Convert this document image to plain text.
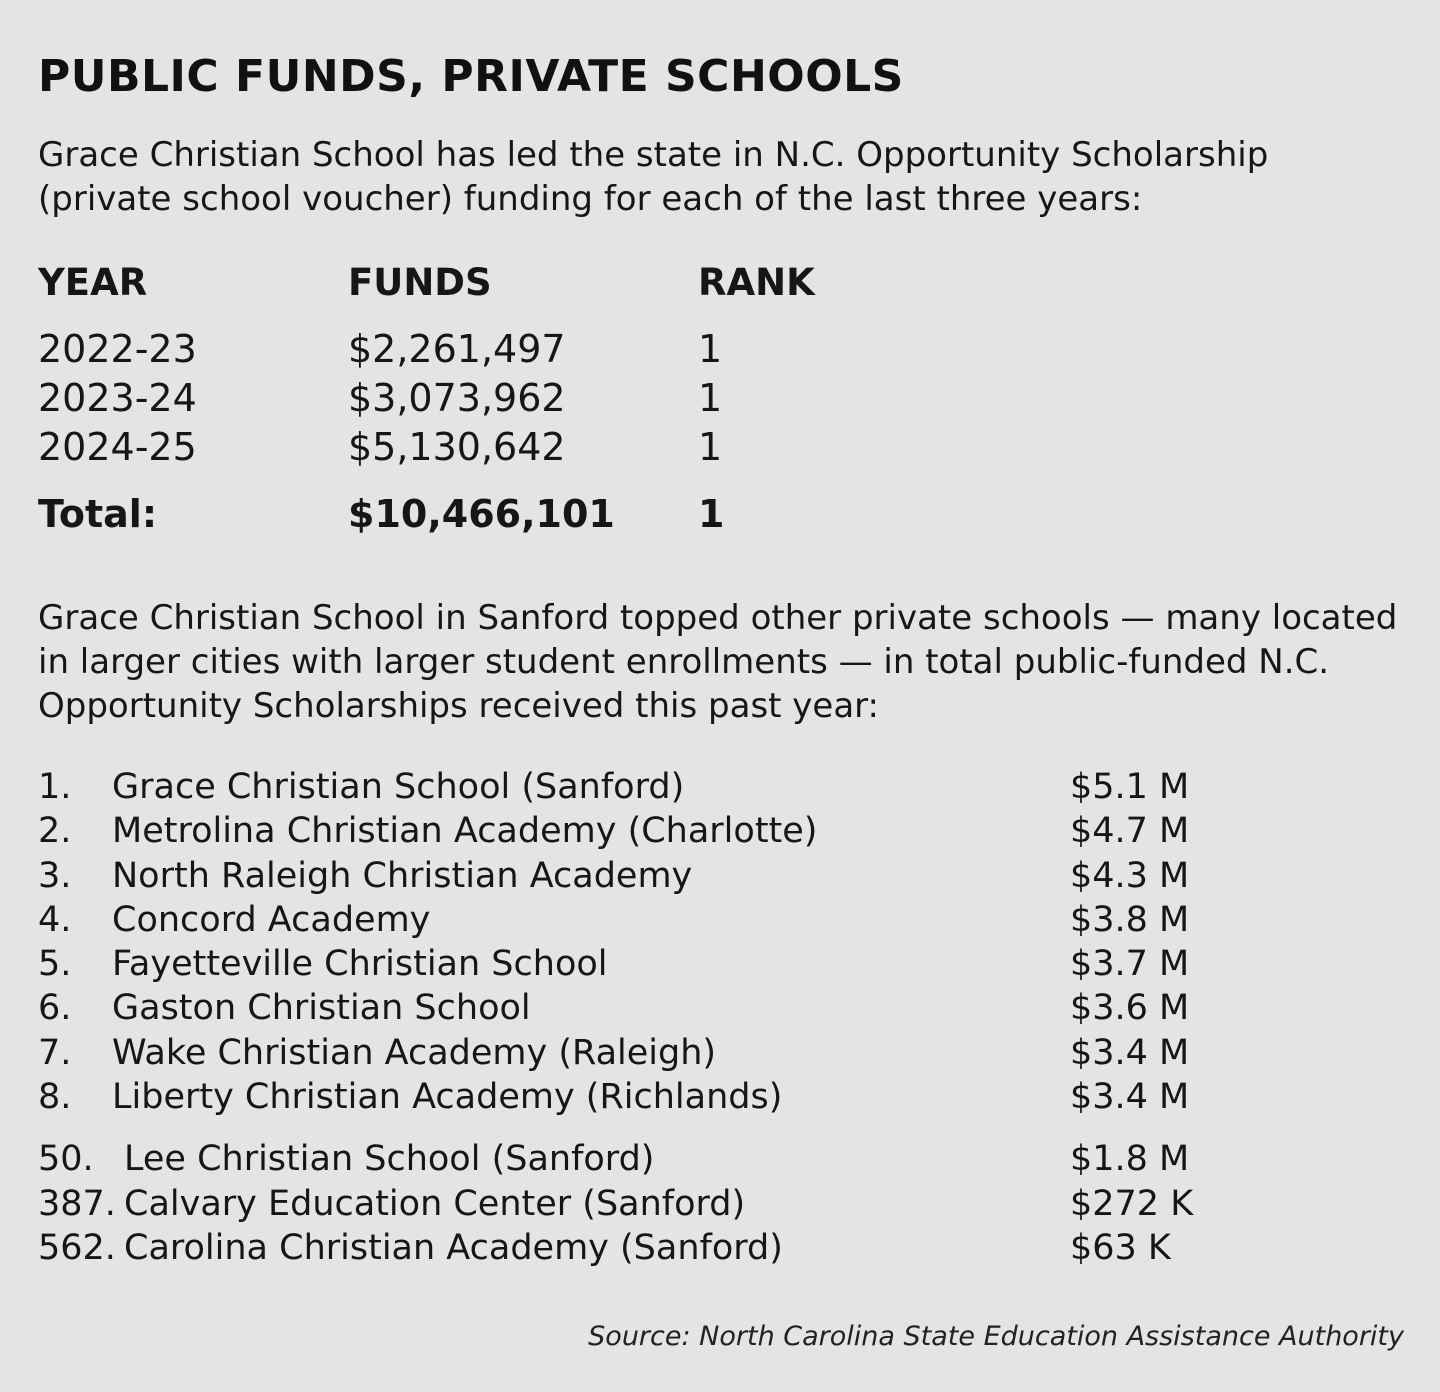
PUBLIC FUNDS, PRIVATE SCHOOLS

Grace Christian School has led the state in N.C. Opportunity Scholarship (private school voucher) funding for each of the last three years:

YEAR	FUNDS	RANK
2022-23	$2,261,497	1
2023-24	$3,073,962	1
2024-25	$5,130,642	1
Total:	$10,466,101 1

Grace Christian School in Sanford topped other private schools — many located in larger cities with larger student enrollments — in total public-funded N.C. Opportunity Scholarships received this past year:

1. Grace Christian School (Sanford)	$5.1 M
2. Metrolina Christian Academy (Charlotte)	$4.7 M
3. North Raleigh Christian Academy	$4.3 M
4. Concord Academy	$3.8 M
5. Fayetteville Christian School	$3.7 M
6. Gaston Christian School	$3.6 M
7. Wake Christian Academy (Raleigh)	$3.4 M
8. Liberty Christian Academy (Richlands)	$3.4 M
50. Lee Christian School (Sanford)	$1.8 M
387. Calvary Education Center (Sanford)	$272 K
562. Carolina Christian Academy (Sanford)	$63 K
Source: North Carolina State Education Assistance Authority
